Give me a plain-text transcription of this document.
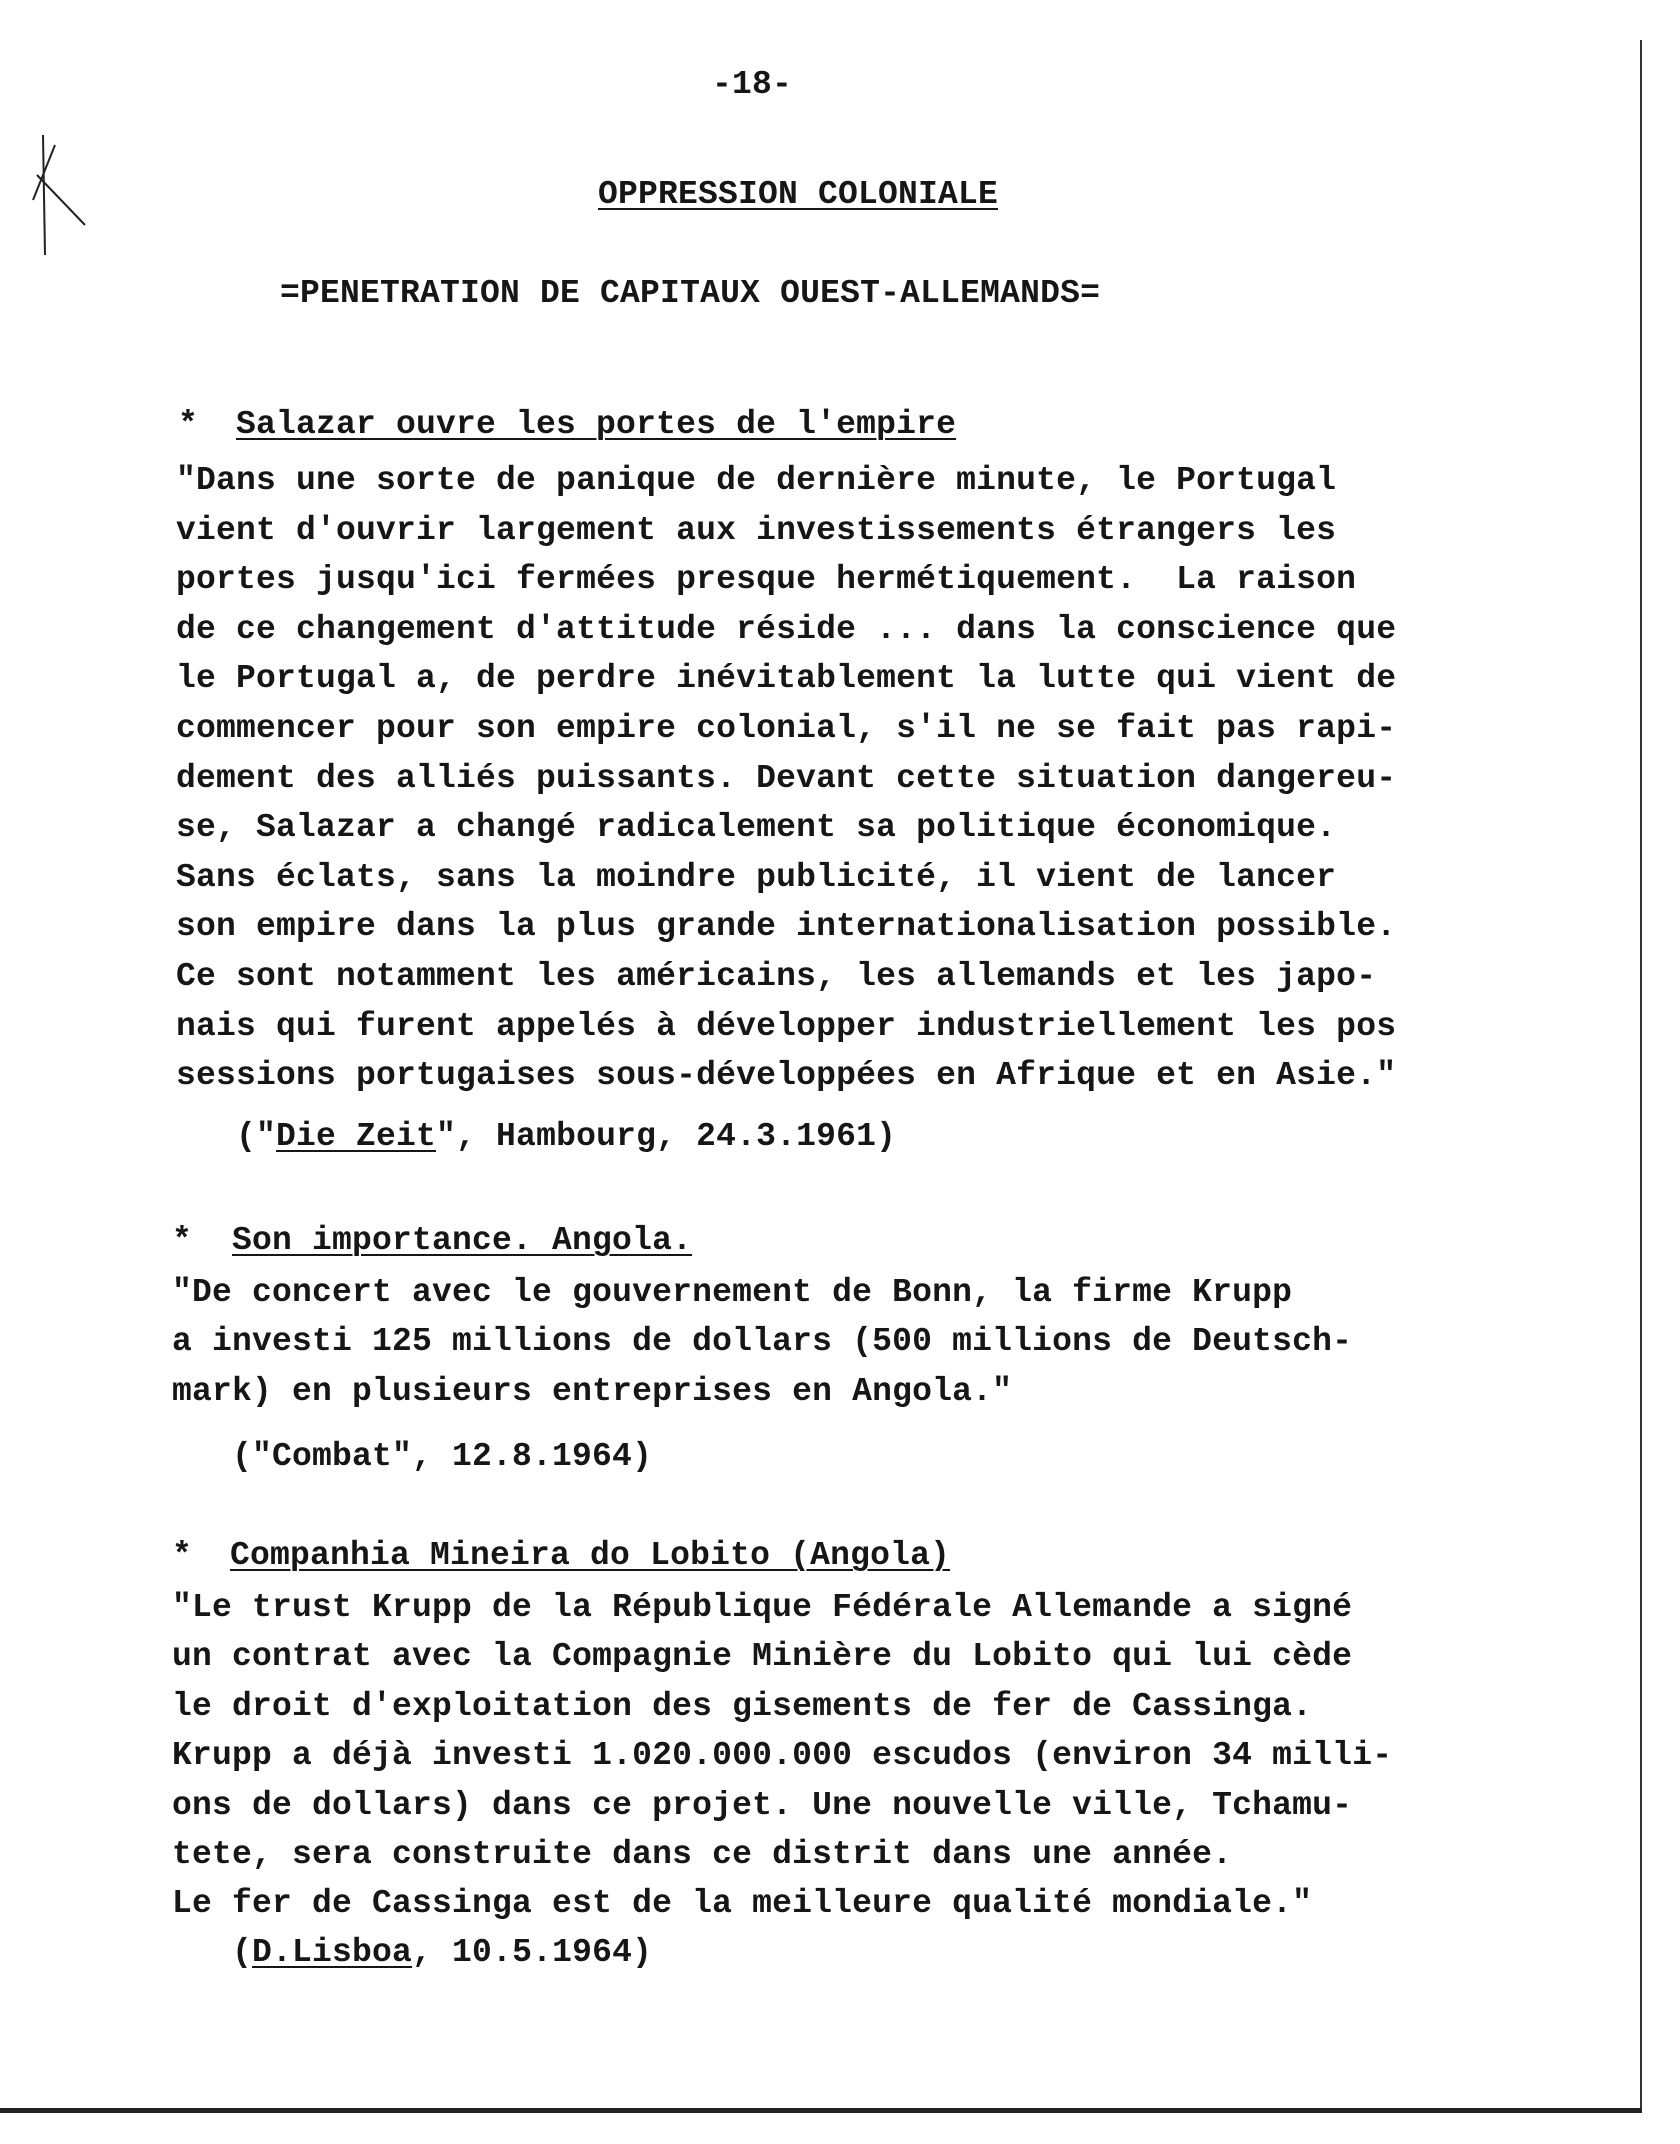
-18-
OPPRESSION COLONIALE
=PENETRATION DE CAPITAUX OUEST-ALLEMANDS=
* Salazar ouvre les portes de l'empire
"Dans une sorte de panique de dernière minute, le Portugal
vient d'ouvrir largement aux investissements étrangers les
portes jusqu'ici fermées presque hermétiquement.  La raison
de ce changement d'attitude réside ... dans la conscience que
le Portugal a, de perdre inévitablement la lutte qui vient de
commencer pour son empire colonial, s'il ne se fait pas rapi-
dement des alliés puissants. Devant cette situation dangereu-
se, Salazar a changé radicalement sa politique économique.
Sans éclats, sans la moindre publicité, il vient de lancer
son empire dans la plus grande internationalisation possible.
Ce sont notamment les américains, les allemands et les japo-
nais qui furent appelés à développer industriellement les pos
sessions portugaises sous-développées en Afrique et en Asie."
("Die Zeit", Hambourg, 24.3.1961)
* Son importance. Angola.
"De concert avec le gouvernement de Bonn, la firme Krupp
a investi 125 millions de dollars (500 millions de Deutsch-
mark) en plusieurs entreprises en Angola."
("Combat", 12.8.1964)
* Companhia Mineira do Lobito (Angola)
"Le trust Krupp de la République Fédérale Allemande a signé
un contrat avec la Compagnie Minière du Lobito qui lui cède
le droit d'exploitation des gisements de fer de Cassinga.
Krupp a déjà investi 1.020.000.000 escudos (environ 34 milli-
ons de dollars) dans ce projet. Une nouvelle ville, Tchamu-
tete, sera construite dans ce distrit dans une année.
Le fer de Cassinga est de la meilleure qualité mondiale."
(D.Lisboa, 10.5.1964)
